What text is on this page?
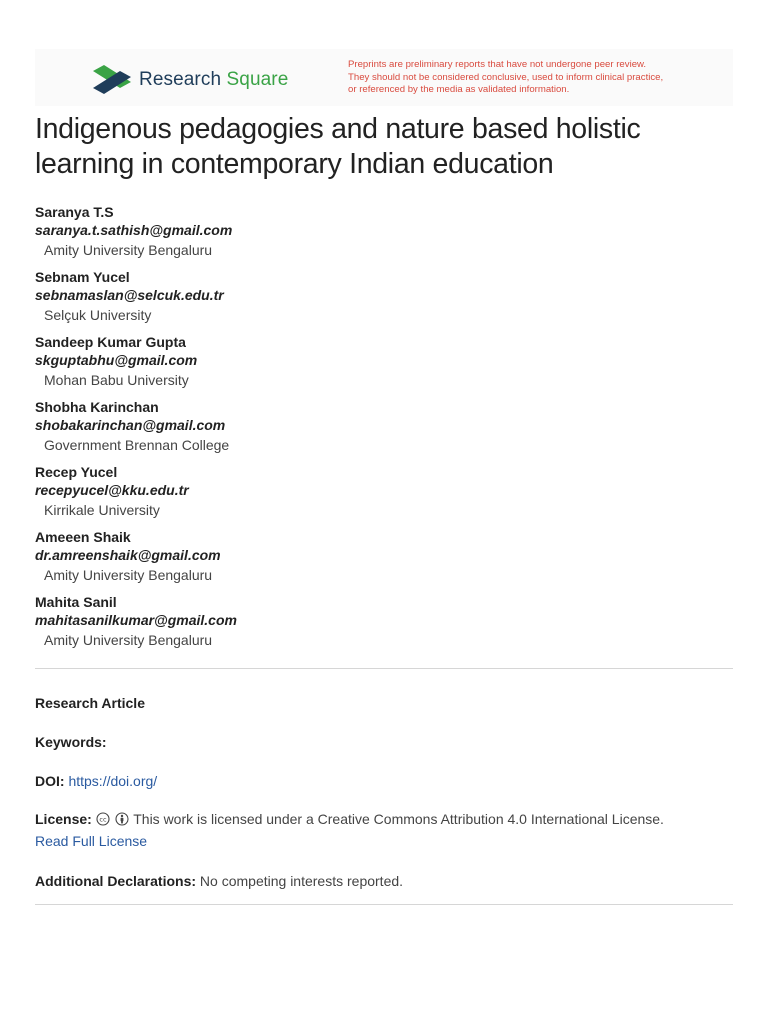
Research Square
Preprints are preliminary reports that have not undergone peer review.
They should not be considered conclusive, used to inform clinical practice,
or referenced by the media as validated information.
Indigenous pedagogies and nature based holistic learning in contemporary Indian education
Saranya T.S
saranya.t.sathish@gmail.com
Amity University Bengaluru
Sebnam Yucel
sebnamaslan@selcuk.edu.tr
Selçuk University
Sandeep Kumar Gupta
skguptabhu@gmail.com
Mohan Babu University
Shobha Karinchan
shobakarinchan@gmail.com
Government Brennan College
Recep Yucel
recepyucel@kku.edu.tr
Kirrikale University
Ameeen Shaik
dr.amreenshaik@gmail.com
Amity University Bengaluru
Mahita Sanil
mahitasanilkumar@gmail.com
Amity University Bengaluru
Research Article
Keywords:
DOI: https://doi.org/
License: cc This work is licensed under a Creative Commons Attribution 4.0 International License.
Read Full License
Additional Declarations: No competing interests reported.
